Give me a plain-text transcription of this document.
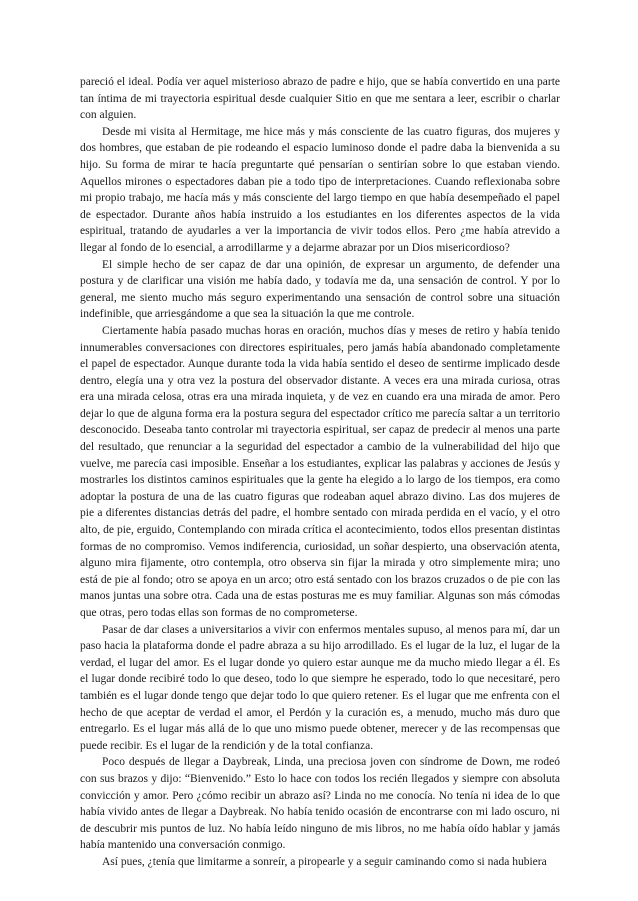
pareció el ideal. Podía ver aquel misterioso abrazo de padre e hijo, que se había convertido en una parte tan íntima de mi trayectoria espiritual desde cualquier Sitio en que me sentara a leer, escribir o charlar con alguien.

Desde mi visita al Hermitage, me hice más y más consciente de las cuatro figuras, dos mujeres y dos hombres, que estaban de pie rodeando el espacio luminoso donde el padre daba la bienvenida a su hijo. Su forma de mirar te hacía preguntarte qué pensarían o sentirían sobre lo que estaban viendo. Aquellos mirones o espectadores daban pie a todo tipo de interpretaciones. Cuando reflexionaba sobre mi propio trabajo, me hacía más y más consciente del largo tiempo en que había desempeñado el papel de espectador. Durante años había instruido a los estudiantes en los diferentes aspectos de la vida espiritual, tratando de ayudarles a ver la importancia de vivir todos ellos. Pero ¿me había atrevido a llegar al fondo de lo esencial, a arrodillarme y a dejarme abrazar por un Dios misericordioso?

El simple hecho de ser capaz de dar una opinión, de expresar un argumento, de defender una postura y de clarificar una visión me había dado, y todavía me da, una sensación de control. Y por lo general, me siento mucho más seguro experimentando una sensación de control sobre una situación indefinible, que arriesgándome a que sea la situación la que me controle.

Ciertamente había pasado muchas horas en oración, muchos días y meses de retiro y había tenido innumerables conversaciones con directores espirituales, pero jamás había abandonado completamente el papel de espectador. Aunque durante toda la vida había sentido el deseo de sentirme implicado desde dentro, elegía una y otra vez la postura del observador distante. A veces era una mirada curiosa, otras era una mirada celosa, otras era una mirada inquieta, y de vez en cuando era una mirada de amor. Pero dejar lo que de alguna forma era la postura segura del espectador crítico me parecía saltar a un territorio desconocido. Deseaba tanto controlar mi trayectoria espiritual, ser capaz de predecir al menos una parte del resultado, que renunciar a la seguridad del espectador a cambio de la vulnerabilidad del hijo que vuelve, me parecía casi imposible. Enseñar a los estudiantes, explicar las palabras y acciones de Jesús y mostrarles los distintos caminos espirituales que la gente ha elegido a lo largo de los tiempos, era como adoptar la postura de una de las cuatro figuras que rodeaban aquel abrazo divino. Las dos mujeres de pie a diferentes distancias detrás del padre, el hombre sentado con mirada perdida en el vacío, y el otro alto, de pie, erguido, Contemplando con mirada crítica el acontecimiento, todos ellos presentan distintas formas de no compromiso. Vemos indiferencia, curiosidad, un soñar despierto, una observación atenta, alguno mira fijamente, otro contempla, otro observa sin fijar la mirada y otro simplemente mira; uno está de pie al fondo; otro se apoya en un arco; otro está sentado con los brazos cruzados o de pie con las manos juntas una sobre otra. Cada una de estas posturas me es muy familiar. Algunas son más cómodas que otras, pero todas ellas son formas de no comprometerse.

Pasar de dar clases a universitarios a vivir con enfermos mentales supuso, al menos para mí, dar un paso hacia la plataforma donde el padre abraza a su hijo arrodillado. Es el lugar de la luz, el lugar de la verdad, el lugar del amor. Es el lugar donde yo quiero estar aunque me da mucho miedo llegar a él. Es el lugar donde recibiré todo lo que deseo, todo lo que siempre he esperado, todo lo que necesitaré, pero también es el lugar donde tengo que dejar todo lo que quiero retener. Es el lugar que me enfrenta con el hecho de que aceptar de verdad el amor, el Perdón y la curación es, a menudo, mucho más duro que entregarlo. Es el lugar más allá de lo que uno mismo puede obtener, merecer y de las recompensas que puede recibir. Es el lugar de la rendición y de la total confianza.

Poco después de llegar a Daybreak, Linda, una preciosa joven con síndrome de Down, me rodeó con sus brazos y dijo: “Bienvenido.” Esto lo hace con todos los recién llegados y siempre con absoluta convicción y amor. Pero ¿cómo recibir un abrazo así? Linda no me conocía. No tenía ni idea de lo que había vivido antes de llegar a Daybreak. No había tenido ocasión de encontrarse con mi lado oscuro, ni de descubrir mis puntos de luz. No había leído ninguno de mis libros, no me había oído hablar y jamás había mantenido una conversación conmigo.

Así pues, ¿tenía que limitarme a sonreír, a piropearle y a seguir caminando como si nada hubiera
